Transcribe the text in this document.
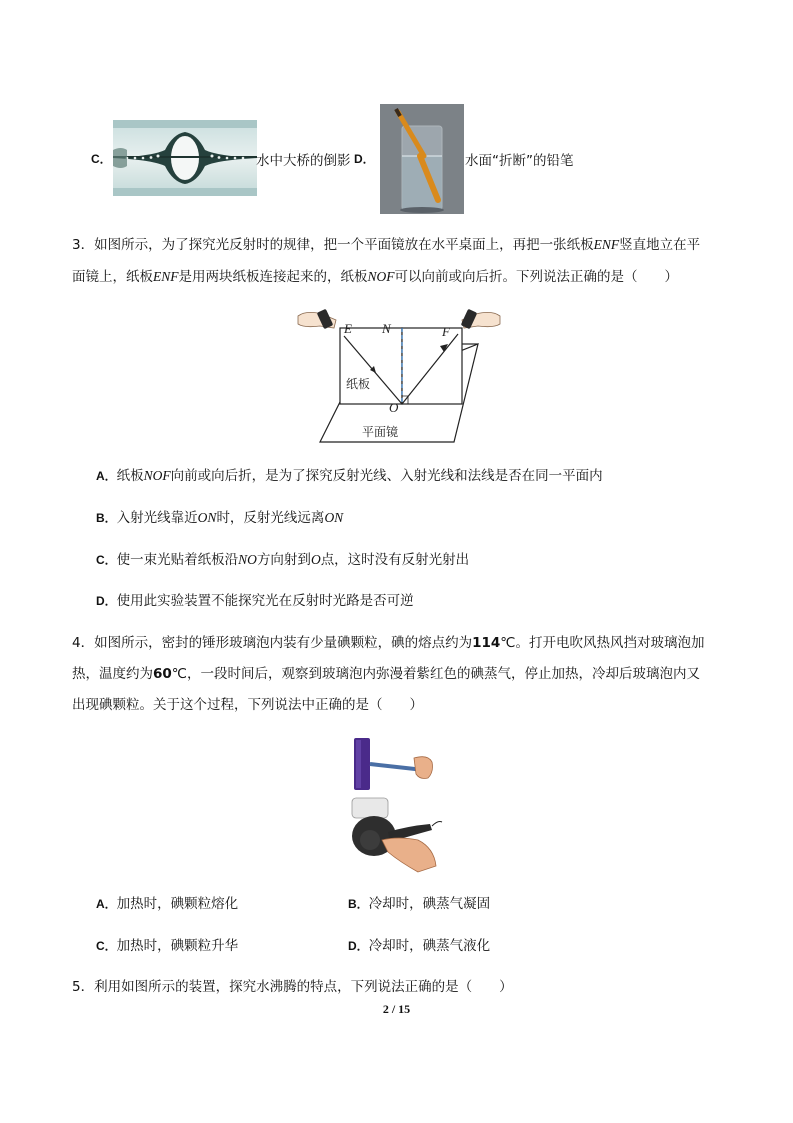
C．	水中大桥的倒影 D．	水面“折断”的铅笔
3．如图所示，为了探究光反射时的规律，把一个平面镜放在水平桌面上，再把一张纸板ENF竖直地立在平
面镜上，纸板ENF是用两块纸板连接起来的，纸板NOF可以向前或向后折。下列说法正确的是（　　）
E N	F
O
纸板
平面镜
A．纸板NOF向前或向后折，是为了探究反射光线、入射光线和法线是否在同一平面内
B．入射光线靠近ON时，反射光线远离ON
C．使一束光贴着纸板沿NO方向射到O点，这时没有反射光射出
D．使用此实验装置不能探究光在反射时光路是否可逆
4．如图所示，密封的锤形玻璃泡内装有少量碘颗粒，碘的熔点约为114℃。打开电吹风热风挡对玻璃泡加
热，温度约为60℃，一段时间后，观察到玻璃泡内弥漫着紫红色的碘蒸气，停止加热，冷却后玻璃泡内又
出现碘颗粒。关于这个过程，下列说法中正确的是（　　）
A．加热时，碘颗粒熔化	B．冷却时，碘蒸气凝固
C．加热时，碘颗粒升华	D．冷却时，碘蒸气液化
5．利用如图所示的装置，探究水沸腾的特点，下列说法正确的是（　　）
2 / 15
